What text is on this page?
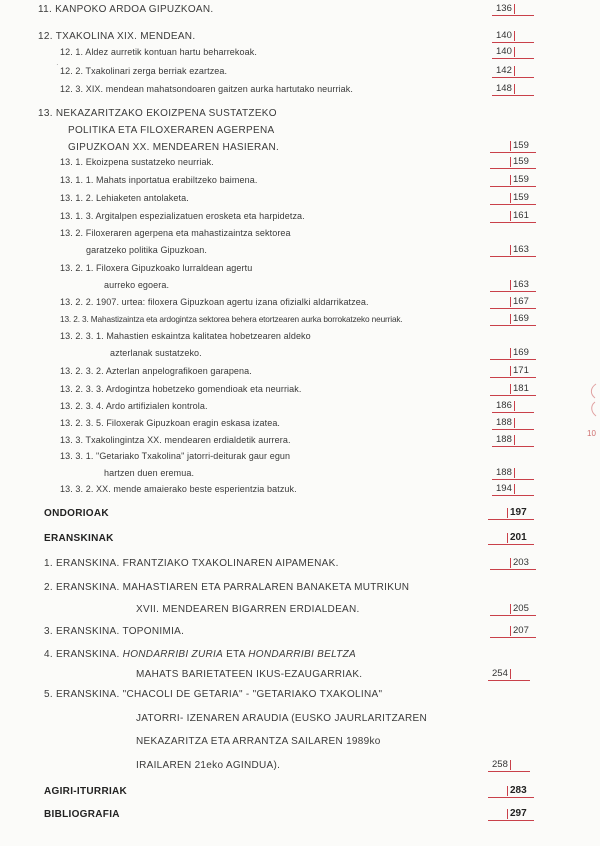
11. KANPOKO ARDOA GIPUZKOAN.	136
12. TXAKOLINA XIX. MENDEAN.	140
12. 1. Aldez aurretik kontuan hartu beharrekoak.	140
12. 2. Txakolinari zerga berriak ezartzea.	142
12. 3. XIX. mendean mahatsondoaren gaitzen aurka hartutako neurriak.	148
13. NEKAZARITZAKO EKOIZPENA SUSTATZEKO
POLITIKA ETA FILOXERAREN AGERPENA
GIPUZKOAN XX. MENDEAREN HASIERAN.	159
13. 1. Ekoizpena sustatzeko neurriak.	159
13. 1. 1. Mahats inportatua erabiltzeko baimena.	159
13. 1. 2. Lehiaketen antolaketa.	159
13. 1. 3. Argitalpen espezializatuen erosketa eta harpidetza.	161
13. 2. Filoxeraren agerpena eta mahastizaintza sektorea
garatzeko politika Gipuzkoan.	163
13. 2. 1. Filoxera Gipuzkoako lurraldean agertu
aurreko egoera.	163
13. 2. 2. 1907. urtea: filoxera Gipuzkoan agertu izana ofizialki aldarrikatzea.	167
13. 2. 3. Mahastizaintza eta ardogintza sektorea behera etortzearen aurka borrokatzeko neurriak.	169
13. 2. 3. 1. Mahastien eskaintza kalitatea hobetzearen aldeko
azterlanak sustatzeko.	169
13. 2. 3. 2. Azterlan anpelografikoen garapena.	171
13. 2. 3. 3. Ardogintza hobetzeko gomendioak eta neurriak.	181
13. 2. 3. 4. Ardo artifizialen kontrola.	186
13. 2. 3. 5. Filoxerak Gipuzkoan eragin eskasa izatea.	188
13. 3. Txakolingintza XX. mendearen erdialdetik aurrera.	188
13. 3. 1. "Getariako Txakolina" jatorri-deiturak gaur egun
hartzen duen eremua.	188
13. 3. 2. XX. mende amaierako beste esperientzia batzuk.	194
ONDORIOAK	197
ERANSKINAK	201
1. ERANSKINA. FRANTZIAKO TXAKOLINAREN AIPAMENAK.	203
2. ERANSKINA. MAHASTIAREN ETA PARRALAREN BANAKETA MUTRIKUN
XVII. MENDEAREN BIGARREN ERDIALDEAN.	205
3. ERANSKINA. TOPONIMIA.	207
4. ERANSKINA. HONDARRIBI ZURIA ETA HONDARRIBI BELTZA
MAHATS BARIETATEEN IKUS-EZAUGARRIAK.	254
5. ERANSKINA. "CHACOLI DE GETARIA" - "GETARIAKO TXAKOLINA"
JATORRI- IZENAREN ARAUDIA (EUSKO JAURLARITZAREN
NEKAZARITZA ETA ARRANTZA SAILAREN 1989ko
IRAILAREN 21eko AGINDUA).	258
AGIRI-ITURRIAK	283
BIBLIOGRAFIA	297
·
10
